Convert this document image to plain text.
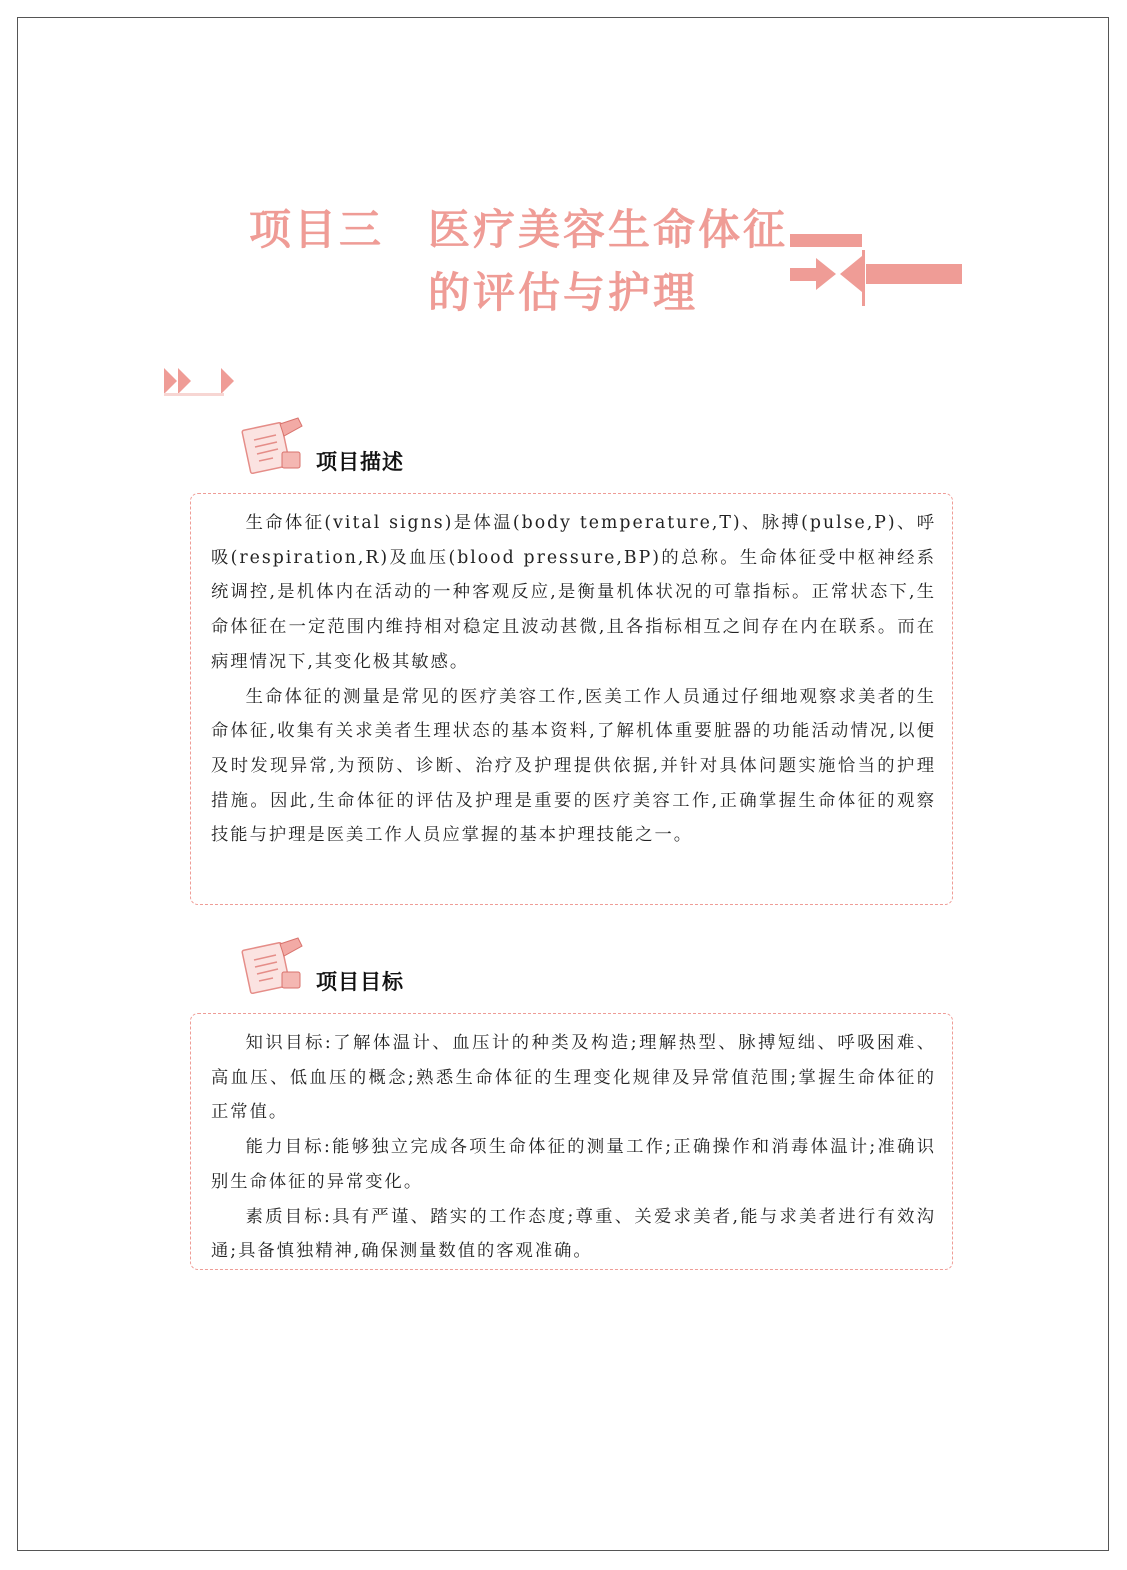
项目三 医疗美容生命体征
的评估与护理
项目描述

生命体征(vital signs)是体温(body temperature,T)、脉搏(pulse,P)、呼吸(respiration,R)及血压(blood pressure,BP)的总称。生命体征受中枢神经系统调控,是机体内在活动的一种客观反应,是衡量机体状况的可靠指标。正常状态下,生命体征在一定范围内维持相对稳定且波动甚微,且各指标相互之间存在内在联系。而在病理情况下,其变化极其敏感。

生命体征的测量是常见的医疗美容工作,医美工作人员通过仔细地观察求美者的生命体征,收集有关求美者生理状态的基本资料,了解机体重要脏器的功能活动情况,以便及时发现异常,为预防、诊断、治疗及护理提供依据,并针对具体问题实施恰当的护理措施。因此,生命体征的评估及护理是重要的医疗美容工作,正确掌握生命体征的观察技能与护理是医美工作人员应掌握的基本护理技能之一。

项目目标

知识目标:了解体温计、血压计的种类及构造;理解热型、脉搏短绌、呼吸困难、高血压、低血压的概念;熟悉生命体征的生理变化规律及异常值范围;掌握生命体征的正常值。

能力目标:能够独立完成各项生命体征的测量工作;正确操作和消毒体温计;准确识别生命体征的异常变化。

素质目标:具有严谨、踏实的工作态度;尊重、关爱求美者,能与求美者进行有效沟通;具备慎独精神,确保测量数值的客观准确。
